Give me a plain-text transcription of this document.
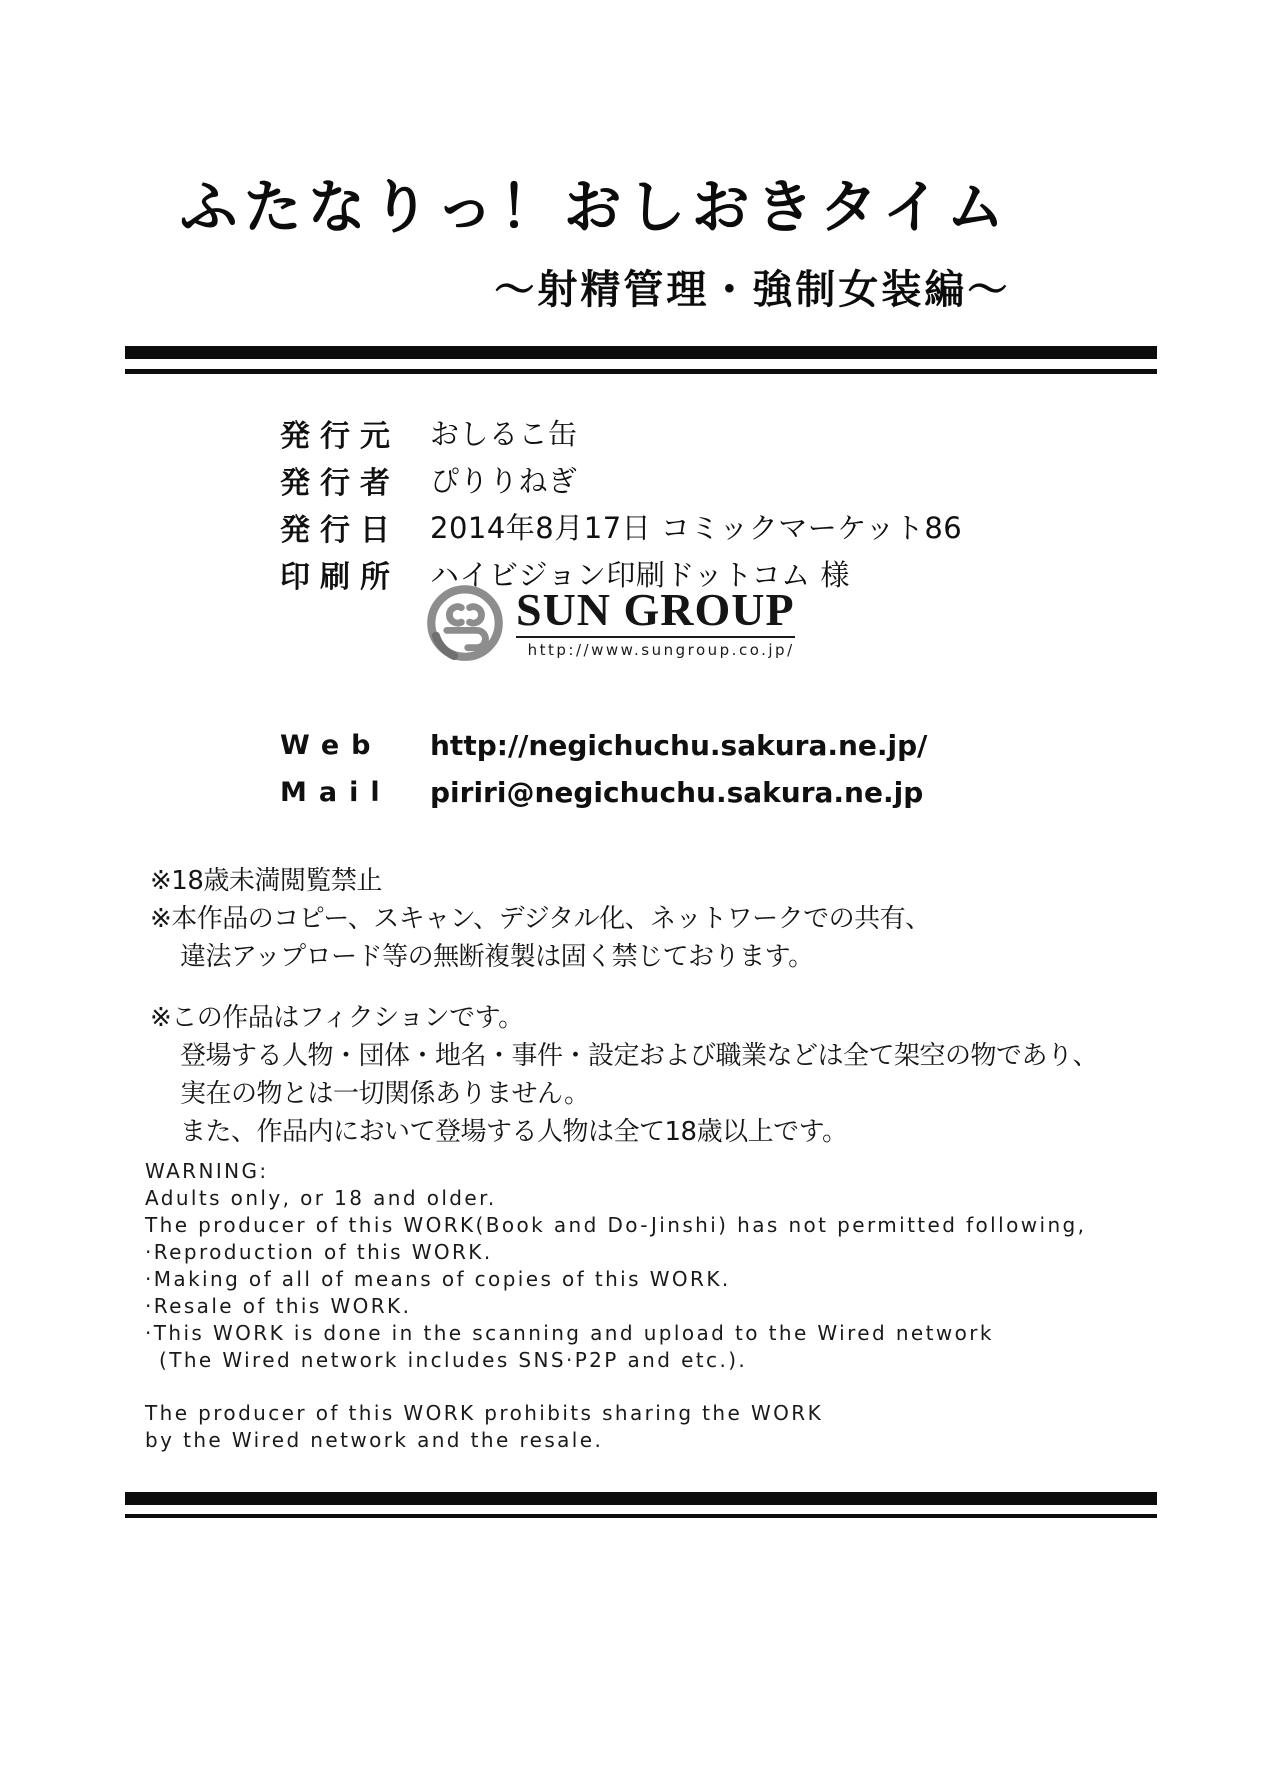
ふたなりっ！おしおきタイム
～射精管理・強制女装編～
発行元	おしるこ缶
発行者	ぴりりねぎ
発行日	2014年8月17日 コミックマーケット86
印刷所	ハイビジョン印刷ドットコム 様
SUN GROUP
http://www.sungroup.co.jp/
Web	http://negichuchu.sakura.ne.jp/
Mail	piriri@negichuchu.sakura.ne.jp
※18歳未満閲覧禁止
※本作品のコピー、スキャン、デジタル化、ネットワークでの共有、
違法アップロード等の無断複製は固く禁じております。
※この作品はフィクションです。
登場する人物・団体・地名・事件・設定および職業などは全て架空の物であり、
実在の物とは一切関係ありません。
また、作品内において登場する人物は全て18歳以上です。
WARNING:
Adults only, or 18 and older.
The producer of this WORK(Book and Do-Jinshi) has not permitted following,
·Reproduction of this WORK.
·Making of all of means of copies of this WORK.
·Resale of this WORK.
·This WORK is done in the scanning and upload to the Wired network
(The Wired network includes SNS·P2P and etc.).
The producer of this WORK prohibits sharing the WORK
by the Wired network and the resale.
